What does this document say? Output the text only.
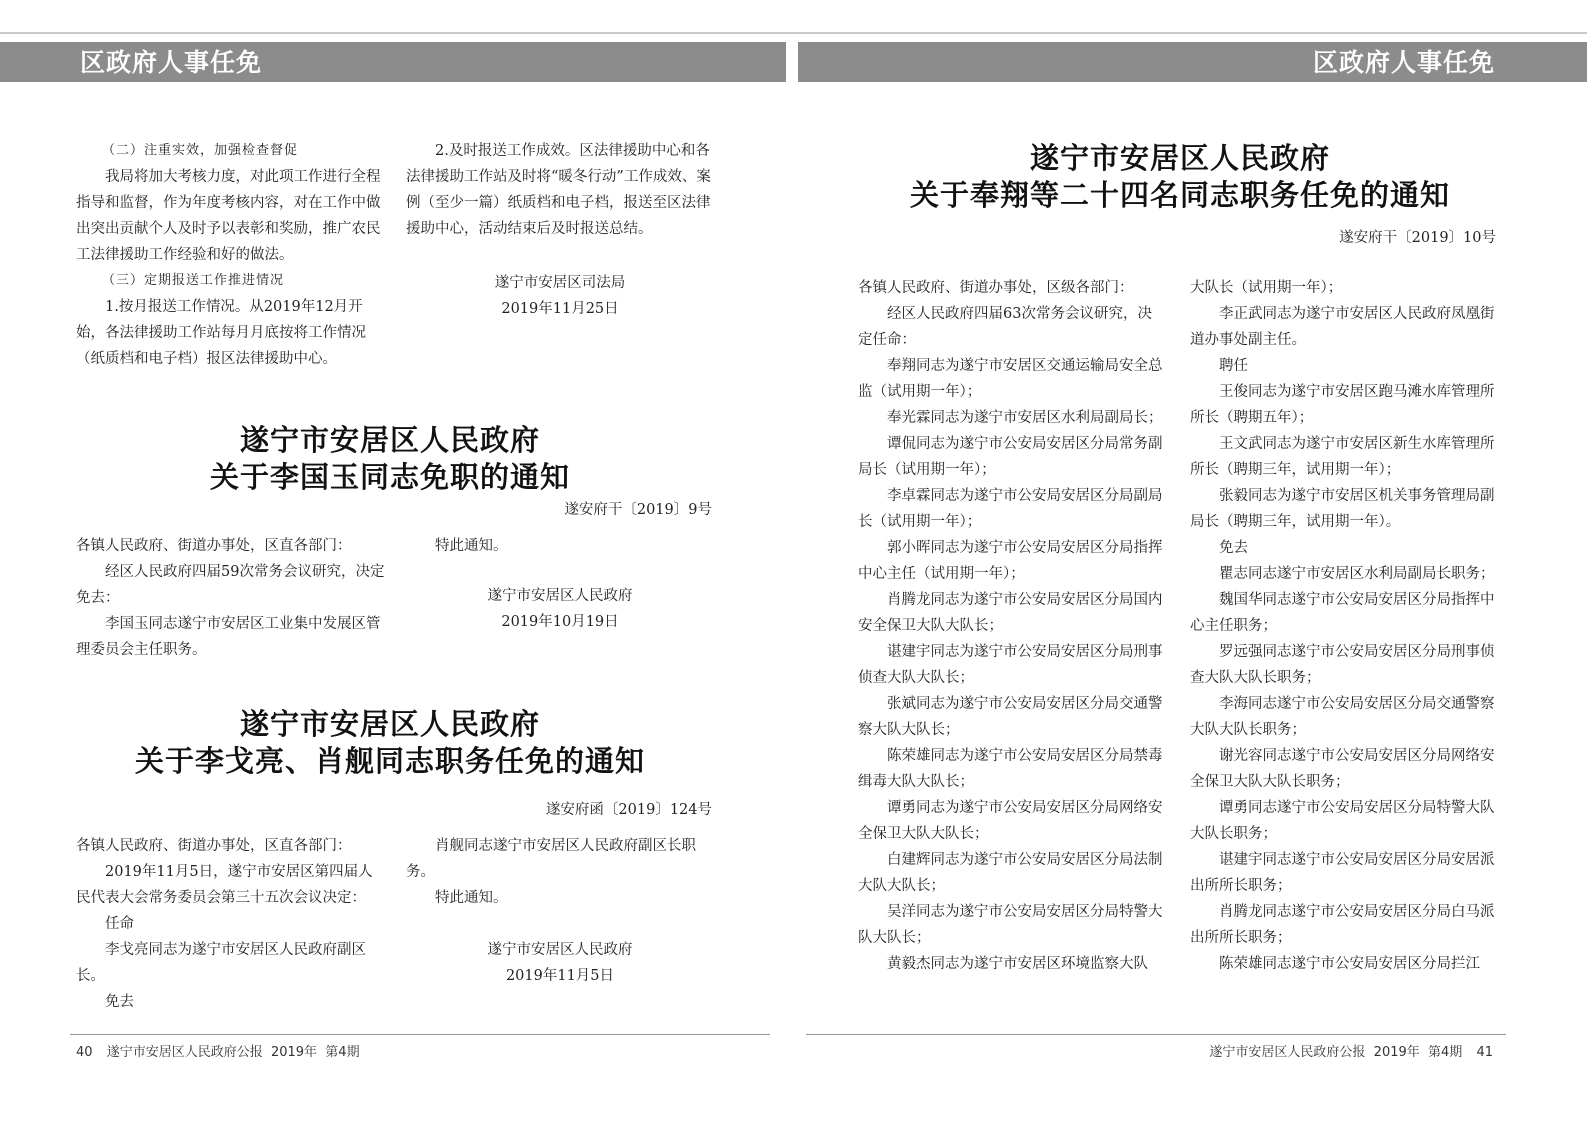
区政府人事任免	区政府人事任免

（二）注重实效，加强检查督促

我局将加大考核力度，对此项工作进行全程指导和监督，作为年度考核内容，对在工作中做出突出贡献个人及时予以表彰和奖励，推广农民工法律援助工作经验和好的做法。

（三）定期报送工作推进情况

1.按月报送工作情况。从2019年12月开始，各法律援助工作站每月月底按将工作情况（纸质档和电子档）报区法律援助中心。

2.及时报送工作成效。区法律援助中心和各法律援助工作站及时将“暖冬行动”工作成效、案例（至少一篇）纸质档和电子档，报送至区法律援助中心，活动结束后及时报送总结。

遂宁市安居区司法局

2019年11月25日

遂宁市安居区人民政府
关于李国玉同志免职的通知
遂安府干〔2019〕9号

各镇人民政府、街道办事处，区直各部门：

经区人民政府四届59次常务会议研究，决定免去：

李国玉同志遂宁市安居区工业集中发展区管理委员会主任职务。

特此通知。

遂宁市安居区人民政府

2019年10月19日

遂宁市安居区人民政府
关于李戈亮、肖舰同志职务任免的通知
遂安府函〔2019〕124号

各镇人民政府、街道办事处，区直各部门：

2019年11月5日，遂宁市安居区第四届人民代表大会常务委员会第三十五次会议决定：

任命

李戈亮同志为遂宁市安居区人民政府副区长。

免去

肖舰同志遂宁市安居区人民政府副区长职务。

特此通知。

遂宁市安居区人民政府

2019年11月5日

遂宁市安居区人民政府
关于奉翔等二十四名同志职务任免的通知
遂安府干〔2019〕10号

各镇人民政府、街道办事处，区级各部门：

经区人民政府四届63次常务会议研究，决定任命：

奉翔同志为遂宁市安居区交通运输局安全总监（试用期一年）；

奉光霖同志为遂宁市安居区水利局副局长；

谭侃同志为遂宁市公安局安居区分局常务副局长（试用期一年）；

李卓霖同志为遂宁市公安局安居区分局副局长（试用期一年）；

郭小晖同志为遂宁市公安局安居区分局指挥中心主任（试用期一年）；

肖腾龙同志为遂宁市公安局安居区分局国内安全保卫大队大队长；

谌建宇同志为遂宁市公安局安居区分局刑事侦查大队大队长；

张斌同志为遂宁市公安局安居区分局交通警察大队大队长；

陈荣雄同志为遂宁市公安局安居区分局禁毒缉毒大队大队长；

谭勇同志为遂宁市公安局安居区分局网络安全保卫大队大队长；

白建辉同志为遂宁市公安局安居区分局法制大队大队长；

吴洋同志为遂宁市公安局安居区分局特警大队大队长；

黄毅杰同志为遂宁市安居区环境监察大队

大队长（试用期一年）；

李正武同志为遂宁市安居区人民政府凤凰街道办事处副主任。

聘任

王俊同志为遂宁市安居区跑马滩水库管理所所长（聘期五年）；

王文武同志为遂宁市安居区新生水库管理所所长（聘期三年，试用期一年）；

张毅同志为遂宁市安居区机关事务管理局副局长（聘期三年，试用期一年）。

免去

瞿志同志遂宁市安居区水利局副局长职务；

魏国华同志遂宁市公安局安居区分局指挥中心主任职务；

罗远强同志遂宁市公安局安居区分局刑事侦查大队大队长职务；

李海同志遂宁市公安局安居区分局交通警察大队大队长职务；

谢光容同志遂宁市公安局安居区分局网络安全保卫大队大队长职务；

谭勇同志遂宁市公安局安居区分局特警大队大队长职务；

谌建宇同志遂宁市公安局安居区分局安居派出所所长职务；

肖腾龙同志遂宁市公安局安居区分局白马派出所所长职务；

陈荣雄同志遂宁市公安局安居区分局拦江

40 遂宁市安居区人民政府公报  2019年  第4期	遂宁市安居区人民政府公报  2019年  第4期 41
